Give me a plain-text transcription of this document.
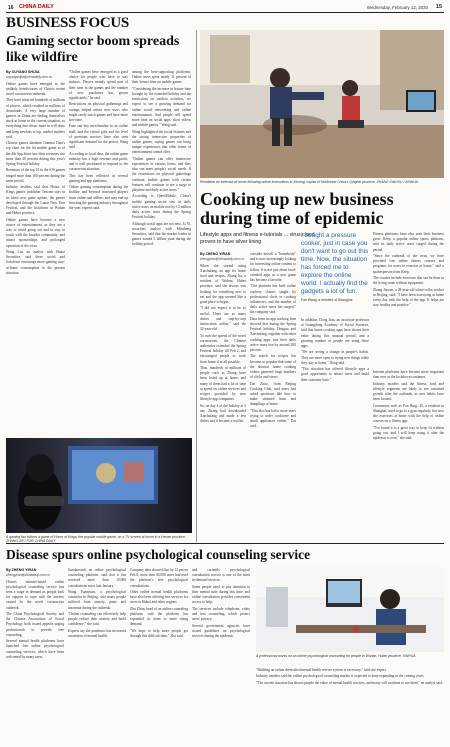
16 CHINA DAILY	Wednesday, February 12, 2020 15
BUSINESS FOCUS
Gaming sector boom spreads like wildfire
By OUYANG SHIJIA
ouyangshijia@chinadaily.com.cn

Online games have emerged as the unlikely beneficiaries of China's recent novel coronavirus outbreak.

They have attracted hundreds of millions of players, which resulted in millions of downloads. A very large number of gamers in China are finding themselves stuck at home in the current situation, so everything that draws more in will draw and keep newbies at top, market insiders said.

Chinese games database Gamma Data's top chart for the hit mobile game as of the 4th App Store saw their revenues rise more than 20 percent during this year's Spring Festival holiday.

Revenues of the top 10 in the iOS games ranged more than 160 percent during the same period.

Industry insiders said that Honor of Kings games' publisher Tencent says in its latest new game update, the games developed through the Lunar New Year Festival, and the lockdown in Wuhan and Hubei province.

Online games have become a new source of entertainment, as they are a way to avoid going out and to stay in touch with the broader community, and attract sponsorships and prolonged operation of the virus.

Wang Lin, an analyst with Huaxi Securities, said these social and lockdown encourage more gaming stay-at-home consumption in the present situation.

"Online games have emerged as a good choice for people who have to stay indoors. Players mainly spend part of their time in the games and the number of new purchases has grown significantly," he said.

Restrictions on physical gatherings and outings helped attract new users who might rarely touch games and have more free time.

Fans can buy merchandise in an online mall, and the virtual gifts and the level of premium services have also seen significant demand for the period, Wang said.

According to local data, the online game industry has a high revenue and profit, and is well positioned to respond to the coronavirus situation.

This has been reflected in several gaming and app platforms.

Online gaming consumption during the holiday and beyond increased players from online and offline, and may end up boosting the gaming industry throughout the year, experts said.

among the best-supporting platforms. Online users spent nearly 11 percent of their leisure time on mobile games.

"Considering the increase in leisure time brought by the extended holiday and the restrictions on outdoor activities, we expect to see a growing demand for online social networking and online entertainment. And people will spend more time on social apps, short videos and mobile games," Wang said.

Wang highlighted the social features and the strong interactive properties of online games, saying games can bring unique experiences that other forms of entertainment cannot offer.

"Online games can offer immersive experiences in various forms, and they also can meet people's social needs. If the restrictions on physical gatherings continue, mobile games with certain features will continue to see a surge in playtime and daily active users."

According to QuestMobile, China's mobile gaming sector saw its daily active users on mobile rise by 13 million daily active users during the Spring Festival holiday.

Although social apps are not new, Li Yi, securities analyst with Minsheng Securities, said that the market leader in games earned 5 billion yuan during the holiday period.

A gaming fan follows a game of Honor of Kings, the popular mobile game, on a TV screen at home in a Henan province. ZHANG JIE / FOR CHINA DAILY
Residents do exercise at home following online instructions in Xiuning, capital of Northwest China's Qinghai province. ZHANG XIAOXU / XINHUA
Cooking up new business during time of epidemic
Lifestyle apps and fitness e-tutorials ... virus cloud proves to have silver lining
By ZHENG YIRAN
zhengyiran@chinadaily.com.cn

When she started using Xiachufang, an app for home food and recipes, Zhang Jia, a resident of Wuhan, Hubei province, said she always was looking for something new to eat and the app seemed like a good place to begin.

"I did not expect it to be so useful. There are so many dishes and step-by-step instructions online," said the 32-year-old.

To curb the spread of the novel coronavirus, the Chinese authorities extended the Spring Festival holiday till Feb 2, and encouraged people to work from home if at all possible.

Thus, hundreds of millions of people such as Zhang have been holed up at home, and many of them had a lot of time to spend on online services and recipes provided by new lifestyle app companies.

So, on day 4 of the holiday at 2 am, Zhang had downloaded Xiachufang and made a few dishes and it became a real hit.

consider herself a "homebody" and is now increasingly looking for interesting online content to follow. It is not just about food-oriented apps as a new game has become a favorite.

"Our platform has built online cookery classes taught by professional chefs or cooking influencers, and the number of daily active users has surged," the company said.

Data from an app tracking firm showed that during the Spring Festival holiday, Douguo and Xiachufang, together with other cooking apps, saw their daily active users rise by around 200 percent.

The search for recipes has become so popular that some of the shortest home cooking videos garnered large numbers of clicks and views.

Dai Zhuo, from Beijing Cooking Club, said users had asked questions like how to make steamed buns and dumplings at home.

"This also has led to more users trying to order cookware and small appliances online," Dai said.

I bought a pressure cooker, just in case you don't want to go out this time. Now, the situation has forced me to explore the online world. I actually find the gadgets a lot of fun.
Fan Wang, a resident of Shanghai

In addition, Dong Jian, an associate professor at Guangdong Academy of Social Sciences, said that home cooking apps have shown their value during this unusual period, and a growing number of people are using these apps.

"We are seeing a change in people's habits. They are more open to trying new things while they stay at home," Dong said.

"This situation has offered lifestyle apps a good opportunity to attract users and build their customer base."

Fitness platforms have also seen their business grow. Keep, a popular online sports platform, said its daily active users surged during the period.

"Since the outbreak of the virus, we have provided free online fitness courses and programs for users to exercise at home," said a spokesperson from Keep.

The courses include exercises that can be done in the living room without equipment.

Zhang Jiawen, a 28-year-old white-collar worker in Beijing, said: "I have been exercising at home every day with the help of the app. It helps me stay healthy and positive."

Internet platforms have become more important than ever as the lockdown continues.

Industry insiders said the fitness, food and lifestyle segments are likely to see sustained growth after the outbreak, as user habits have been formed.

Consumers such as Pan Bing, 45, a resident in Shanghai, used to go to a gym regularly, but now she exercises at home with the help of online courses on a fitness app.

"I've found it is a great way to keep fit without going out, and I will keep using it after the epidemic is over," she said.

Disease spurs online psychological counseling service
By ZHENG YIRAN
zhengyiran@chinadaily.com.cn

China's internet-based online psychological counseling service has seen a surge in demand as people look for support to cope with the anxiety caused by the novel coronavirus outbreak.

The China Psychological Society and the Chinese Association of Social Psychology both issued appeals urging professionals to provide free counseling.

Several mental health platforms have launched free online psychological counseling services, which have been welcomed by many users.

Jiandanxinli, an online psychological counseling platform, said that it has received more than 10,000 consultations since late January.

Wang Yuanyuan, a psychological counselor in Beijing, said many people suffered from anxiety, panic and insomnia during the outbreak.

"Online counseling can effectively help people reduce their anxiety and build confidence," she said.

Experts say the pandemic has increased awareness of mental health.

Company data showed that by 12 pm on Feb 8, more than 30,000 users had used the platform's free psychological consultations.

Other online mental health platforms have also been offering free services for users in Hubei and other regions.

Zhu Zhou, head of an online counseling platform, said the platform has expanded its team to meet rising demand.

"We hope to help more people get through this difficult time," Zhu said.

and currently psychological consultation service is one of the most in-demand services.

Some people need to pay attention to their mental state during this time, and online consultation provides convenient access to help.

The services include telephone, video and text counseling, which protect users' privacy.

Several government agencies have issued guidelines on psychological services during the epidemic.

A professional works on an online psychological counseling for people in Wuhan, Hubei province. XINHUA

"Building an online diversified mental health service system is necessary," said one expert.

Industry insiders said the online psychological counseling market is expected to keep expanding in the coming years.

"The current situation has shown people the value of mental health services, and many will continue to use them," an analyst said.
